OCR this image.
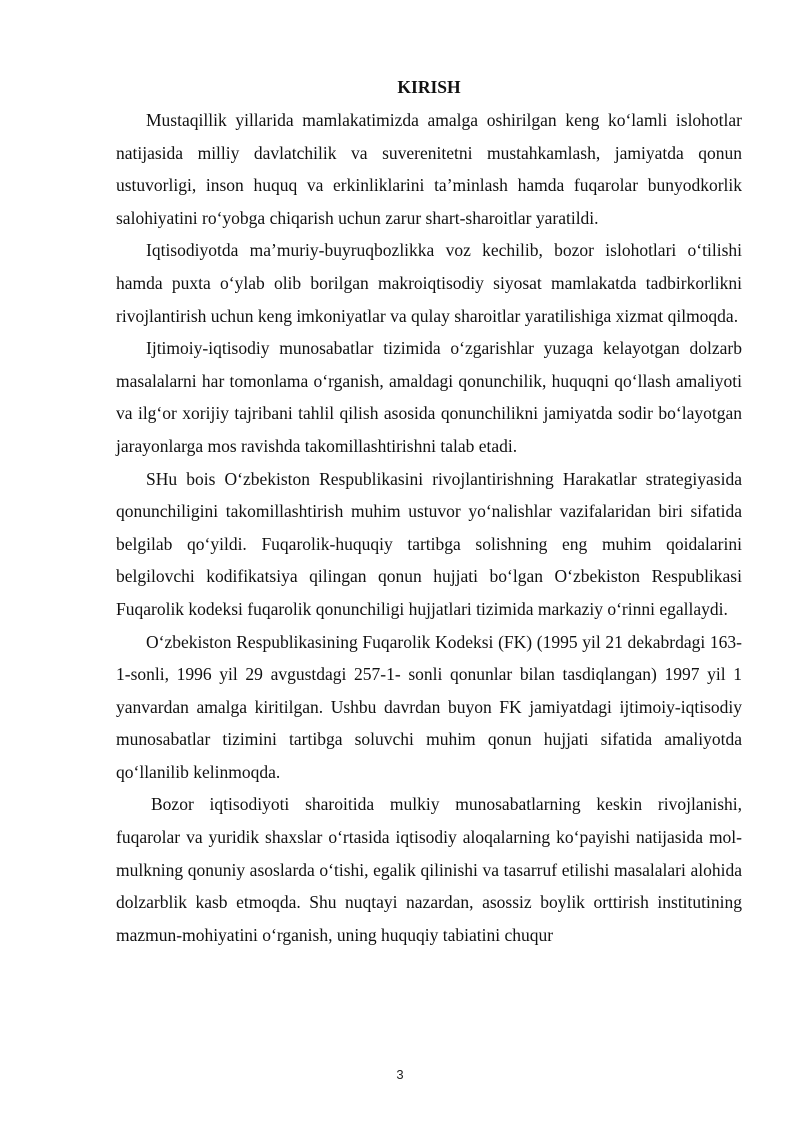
KIRISH

Mustaqillik yillarida mamlakatimizda amalga oshirilgan keng ko‘lamli islohotlar natijasida milliy davlatchilik va suverenitetni mustahkamlash, jamiyatda qonun ustuvorligi, inson huquq va erkinliklarini ta’minlash hamda fuqarolar bunyodkorlik salohiyatini ro‘yobga chiqarish uchun zarur shart-sharoitlar yaratildi.

Iqtisodiyotda ma’muriy-buyruqbozlikka voz kechilib, bozor islohotlari o‘tilishi hamda puxta o‘ylab olib borilgan makroiqtisodiy siyosat mamlakatda tadbirkorlikni rivojlantirish uchun keng imkoniyatlar va qulay sharoitlar yaratilishiga xizmat qilmoqda.

Ijtimoiy-iqtisodiy munosabatlar tizimida o‘zgarishlar yuzaga kelayotgan dolzarb masalalarni har tomonlama o‘rganish, amaldagi qonunchilik, huquqni qo‘llash amaliyoti va ilg‘or xorijiy tajribani tahlil qilish asosida qonunchilikni jamiyatda sodir bo‘layotgan jarayonlarga mos ravishda takomillashtirishni talab etadi.

SHu bois O‘zbekiston Respublikasini rivojlantirishning Harakatlar strategiyasida qonunchiligini takomillashtirish muhim ustuvor yo‘nalishlar vazifalaridan biri sifatida belgilab qo‘yildi. Fuqarolik-huquqiy tartibga solishning eng muhim qoidalarini belgilovchi kodifikatsiya qilingan qonun hujjati bo‘lgan O‘zbekiston Respublikasi Fuqarolik kodeksi fuqarolik qonunchiligi hujjatlari tizimida markaziy o‘rinni egallaydi.

O‘zbekiston Respublikasining Fuqarolik Kodeksi (FK) (1995 yil 21 dekabrdagi 163-1-sonli, 1996 yil 29 avgustdagi 257-1- sonli qonunlar bilan tasdiqlangan) 1997 yil 1 yanvardan amalga kiritilgan. Ushbu davrdan buyon FK jamiyatdagi ijtimoiy-iqtisodiy munosabatlar tizimini tartibga soluvchi muhim qonun hujjati sifatida amaliyotda qo‘llanilib kelinmoqda.

Bozor iqtisodiyoti sharoitida mulkiy munosabatlarning keskin rivojlanishi, fuqarolar va yuridik shaxslar o‘rtasida iqtisodiy aloqalarning ko‘payishi natijasida mol-mulkning qonuniy asoslarda o‘tishi, egalik qilinishi va tasarruf etilishi masalalari alohida dolzarblik kasb etmoqda. Shu nuqtayi nazardan, asossiz boylik orttirish institutining mazmun-mohiyatini o‘rganish, uning huquqiy tabiatini chuqur

3
